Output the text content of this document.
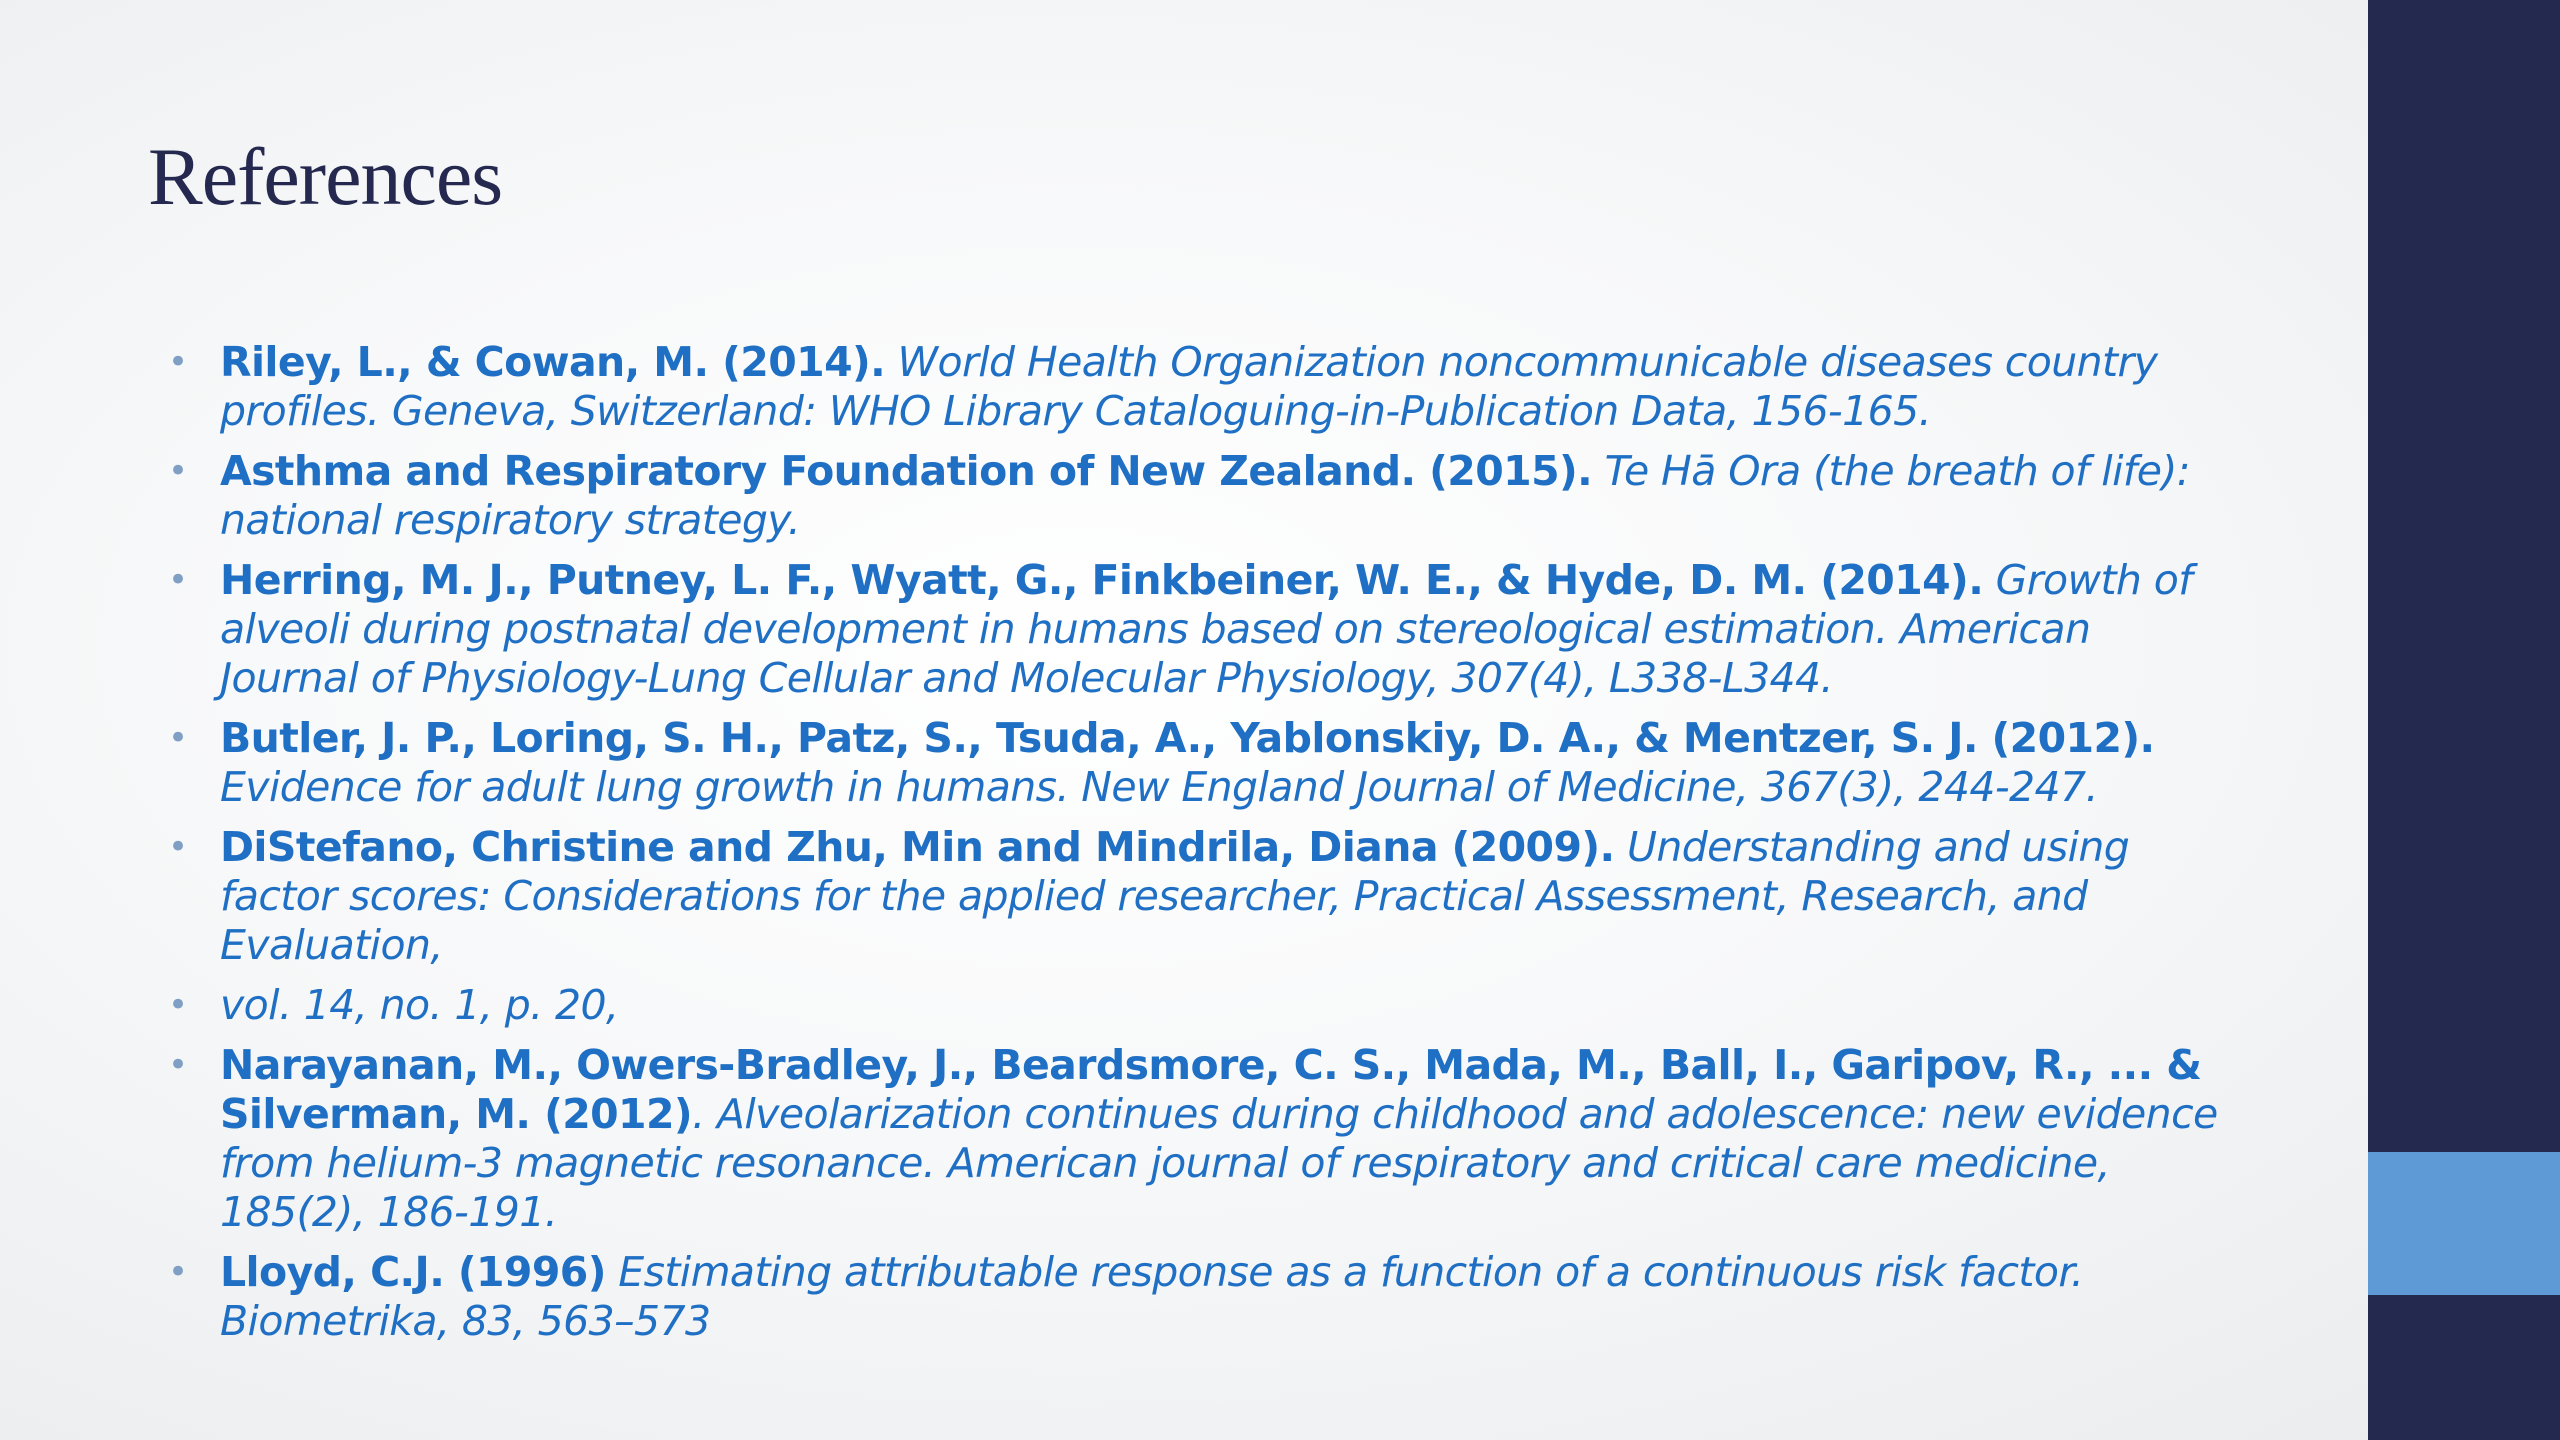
References
• Riley, L., & Cowan, M. (2014). World Health Organization noncommunicable diseases country profiles. Geneva, Switzerland: WHO Library Cataloguing-in-Publication Data, 156-165.
• Asthma and Respiratory Foundation of New Zealand. (2015). Te Hā Ora (the breath of life): national respiratory strategy.
• Herring, M. J., Putney, L. F., Wyatt, G., Finkbeiner, W. E., & Hyde, D. M. (2014). Growth of alveoli during postnatal development in humans based on stereological estimation. American Journal of Physiology-Lung Cellular and Molecular Physiology, 307(4), L338-L344.
• Butler, J. P., Loring, S. H., Patz, S., Tsuda, A., Yablonskiy, D. A., & Mentzer, S. J. (2012). Evidence for adult lung growth in humans. New England Journal of Medicine, 367(3), 244-247.
• DiStefano, Christine and Zhu, Min and Mindrila, Diana (2009). Understanding and using factor scores: Considerations for the applied researcher, Practical Assessment, Research, and Evaluation,
• vol. 14, no. 1, p. 20,
• Narayanan, M., Owers-Bradley, J., Beardsmore, C. S., Mada, M., Ball, I., Garipov, R., ... & Silverman, M. (2012). Alveolarization continues during childhood and adolescence: new evidence from helium-3 magnetic resonance. American journal of respiratory and critical care medicine, 185(2), 186-191.
• Lloyd, C.J. (1996) Estimating attributable response as a function of a continuous risk factor. Biometrika, 83, 563–573
